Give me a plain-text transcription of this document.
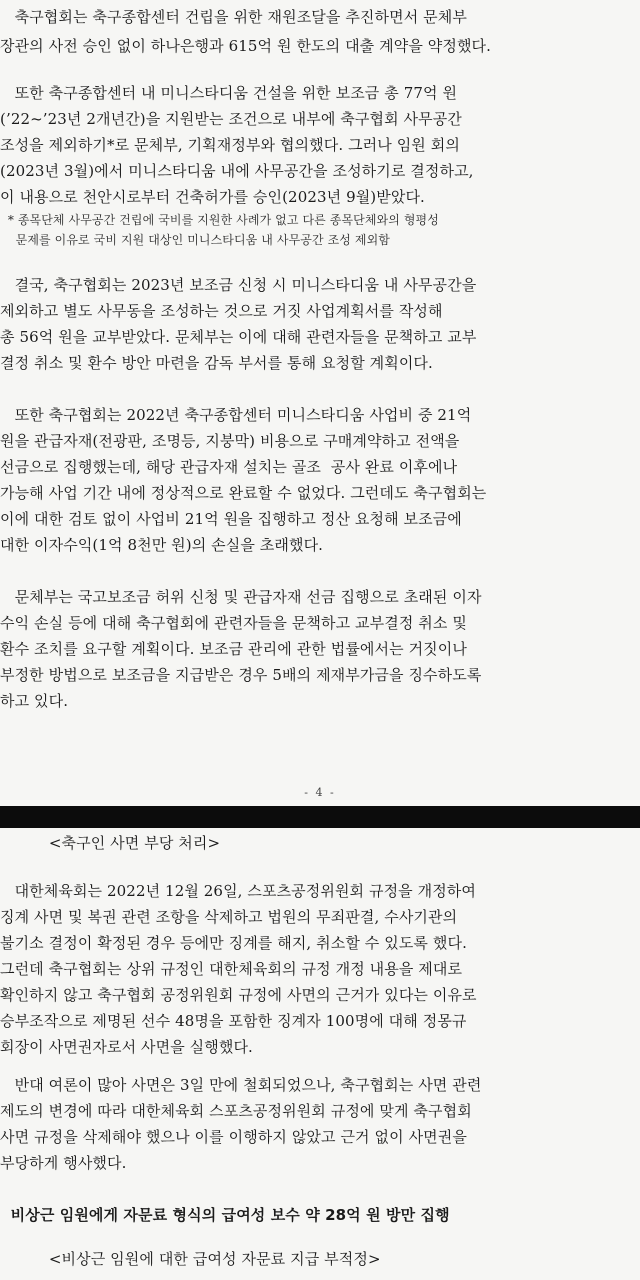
축구협회는 축구종합센터 건립을 위한 재원조달을 추진하면서 문체부
장관의 사전 승인 없이 하나은행과 615억 원 한도의 대출 계약을 약정했다.
또한 축구종합센터 내 미니스타디움 건설을 위한 보조금 총 77억 원
(’22~’23년 2개년간)을 지원받는 조건으로 내부에 축구협회 사무공간
조성을 제외하기*로 문체부, 기획재정부와 협의했다. 그러나 임원 회의
(2023년 3월)에서 미니스타디움 내에 사무공간을 조성하기로 결정하고,
이 내용으로 천안시로부터 건축허가를 승인(2023년 9월)받았다.
* 종목단체 사무공간 건립에 국비를 지원한 사례가 없고 다른 종목단체와의 형평성
문제를 이유로 국비 지원 대상인 미니스타디움 내 사무공간 조성 제외함
결국, 축구협회는 2023년 보조금 신청 시 미니스타디움 내 사무공간을
제외하고 별도 사무동을 조성하는 것으로 거짓 사업계획서를 작성해
총 56억 원을 교부받았다. 문체부는 이에 대해 관련자들을 문책하고 교부
결정 취소 및 환수 방안 마련을 감독 부서를 통해 요청할 계획이다.
또한 축구협회는 2022년 축구종합센터 미니스타디움 사업비 중 21억
원을 관급자재(전광판, 조명등, 지붕막) 비용으로 구매계약하고 전액을
선금으로 집행했는데, 해당 관급자재 설치는 골조  공사 완료 이후에나
가능해 사업 기간 내에 정상적으로 완료할 수 없었다. 그런데도 축구협회는
이에 대한 검토 없이 사업비 21억 원을 집행하고 정산 요청해 보조금에
대한 이자수익(1억 8천만 원)의 손실을 초래했다.
문체부는 국고보조금 허위 신청 및 관급자재 선금 집행으로 초래된 이자
수익 손실 등에 대해 축구협회에 관련자들을 문책하고 교부결정 취소 및
환수 조치를 요구할 계획이다. 보조금 관리에 관한 법률에서는 거짓이나
부정한 방법으로 보조금을 지급받은 경우 5배의 제재부가금을 징수하도록
하고 있다.
- 4 -
<축구인 사면 부당 처리>
대한체육회는 2022년 12월 26일, 스포츠공정위원회 규정을 개정하여
징계 사면 및 복권 관련 조항을 삭제하고 법원의 무죄판결, 수사기관의
불기소 결정이 확정된 경우 등에만 징계를 해지, 취소할 수 있도록 했다.
그런데 축구협회는 상위 규정인 대한체육회의 규정 개정 내용을 제대로
확인하지 않고 축구협회 공정위원회 규정에 사면의 근거가 있다는 이유로
승부조작으로 제명된 선수 48명을 포함한 징계자 100명에 대해 정몽규
회장이 사면권자로서 사면을 실행했다.
반대 여론이 많아 사면은 3일 만에 철회되었으나, 축구협회는 사면 관련
제도의 변경에 따라 대한체육회 스포츠공정위원회 규정에 맞게 축구협회
사면 규정을 삭제해야 했으나 이를 이행하지 않았고 근거 없이 사면권을
부당하게 행사했다.
비상근 임원에게 자문료 형식의 급여성 보수 약 28억 원 방만 집행
<비상근 임원에 대한 급여성 자문료 지급 부적정>
